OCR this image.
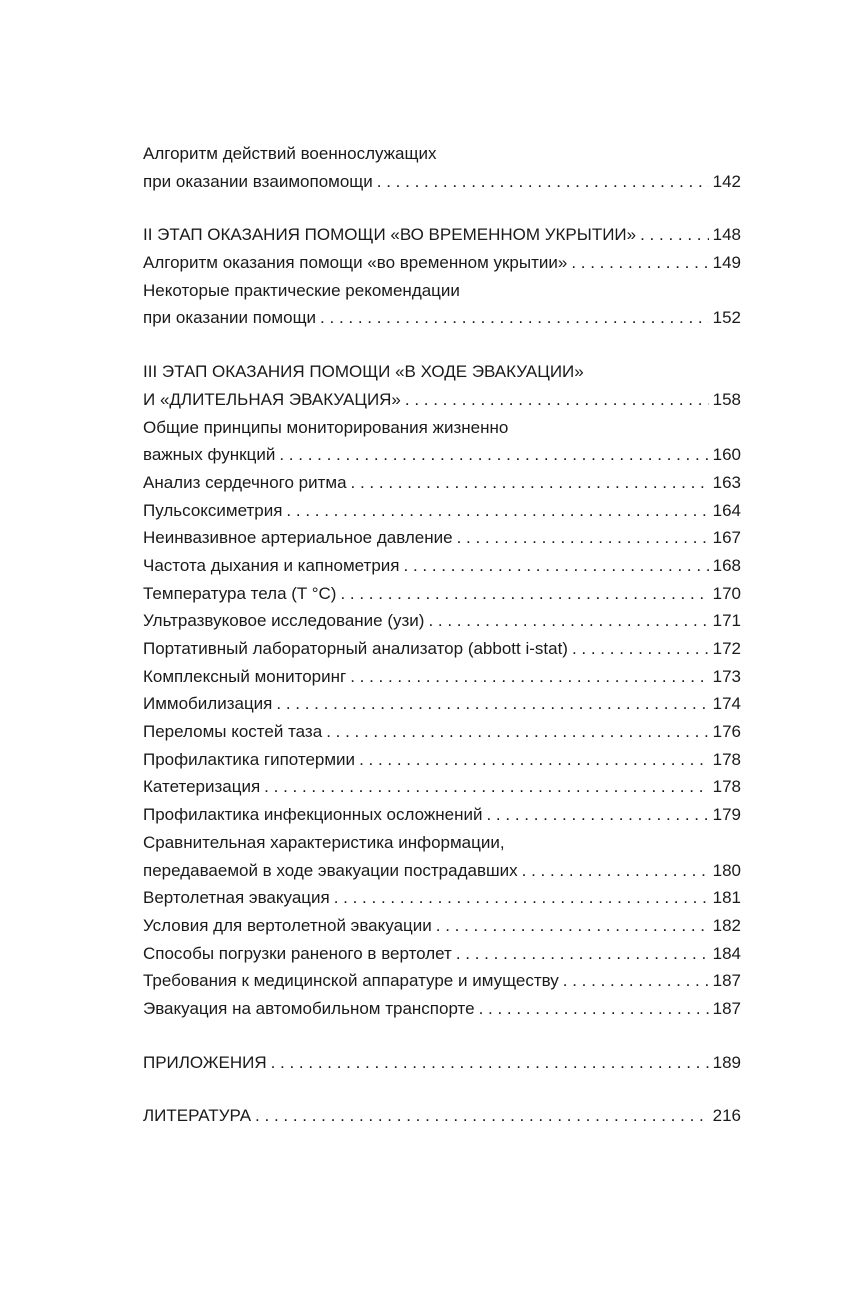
Алгоритм действий военнослужащих
при оказании взаимопомощи . . .	142
II ЭТАП ОКАЗАНИЯ ПОМОЩИ «ВО ВРЕМЕННОМ УКРЫТИИ» . . .	148
Алгоритм оказания помощи «во временном укрытии» . . .	149
Некоторые практические рекомендации
при оказании помощи . . .	152
III ЭТАП ОКАЗАНИЯ ПОМОЩИ «В ХОДЕ ЭВАКУАЦИИ»
И «ДЛИТЕЛЬНАЯ ЭВАКУАЦИЯ» . . .	158
Общие принципы мониторирования жизненно
важных функций . . .	160
Анализ сердечного ритма . . .	163
Пульсоксиметрия . . .	164
Неинвазивное артериальное давление . . .	167
Частота дыхания и капнометрия . . .	168
Температура тела (T °C) . . .	170
Ультразвуковое исследование (узи) . . .	171
Портативный лабораторный анализатор (abbott i-stat) . . .	172
Комплексный мониторинг . . .	173
Иммобилизация . . .	174
Переломы костей таза . . .	176
Профилактика гипотермии . . .	178
Катетеризация . . .	178
Профилактика инфекционных осложнений . . .	179
Сравнительная характеристика информации,
передаваемой в ходе эвакуации пострадавших . . .	180
Вертолетная эвакуация . . .	181
Условия для вертолетной эвакуации . . .	182
Способы погрузки раненого в вертолет . . .	184
Требования к медицинской аппаратуре и имуществу . . .	187
Эвакуация на автомобильном транспорте . . .	187
ПРИЛОЖЕНИЯ . . .	189
ЛИТЕРАТУРА . . .	216
